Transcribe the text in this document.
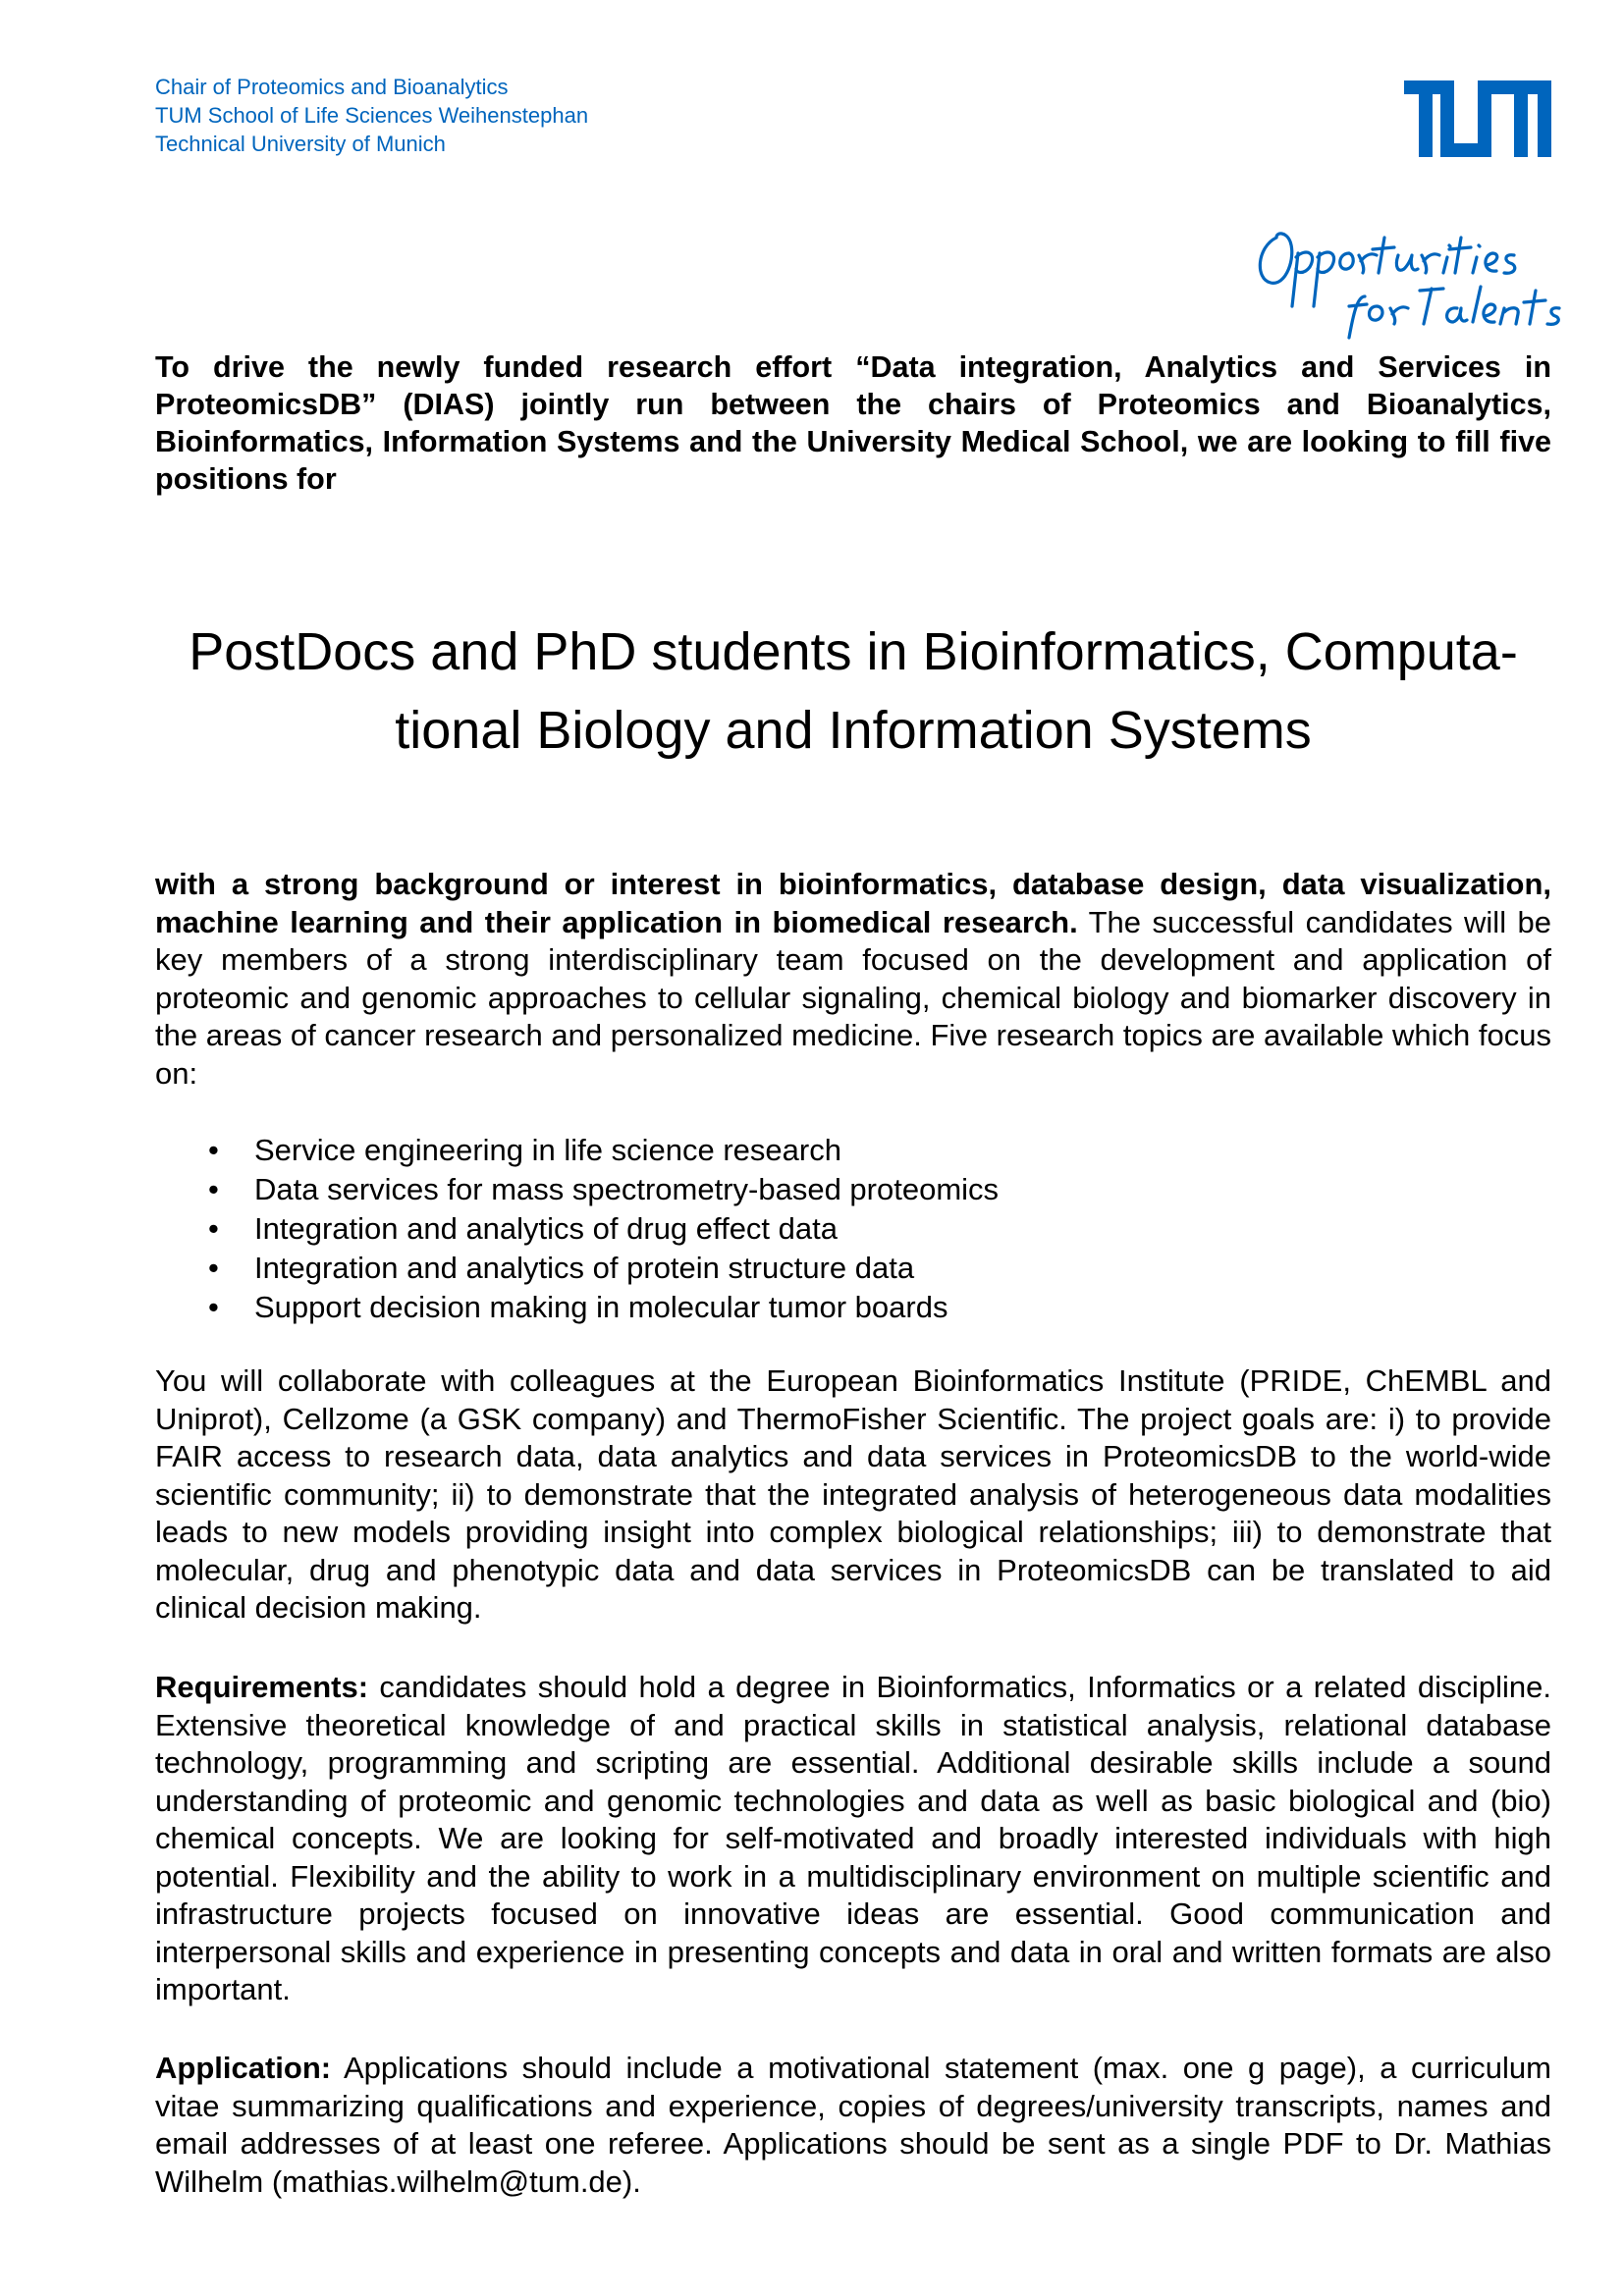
Chair of Proteomics and Bioanalytics
TUM School of Life Sciences Weihenstephan
Technical University of Munich

To drive the newly funded research effort “Data integration, Analytics and Services in ProteomicsDB” (DIAS) jointly run between the chairs of Proteomics and Bioanalytics, Bioinformatics, Information Systems and the University Medical School, we are looking to fill five positions for

PostDocs and PhD students in Bioinformatics, Computa-
tional Biology and Information Systems

with a strong background or interest in bioinformatics, database design, data visualization, machine learning and their application in biomedical research. The successful candidates will be key members of a strong interdisciplinary team focused on the development and application of proteomic and genomic approaches to cellular signaling, chemical biology and biomarker discovery in the areas of cancer research and personalized medicine. Five research topics are available which focus on:

• Service engineering in life science research
• Data services for mass spectrometry-based proteomics
• Integration and analytics of drug effect data
• Integration and analytics of protein structure data
• Support decision making in molecular tumor boards

You will collaborate with colleagues at the European Bioinformatics Institute (PRIDE, ChEMBL and Uniprot), Cellzome (a GSK company) and ThermoFisher Scientific. The project goals are: i) to provide FAIR access to research data, data analytics and data services in ProteomicsDB to the world-wide scientific community; ii) to demonstrate that the integrated analysis of heterogeneous data modalities leads to new models providing insight into complex biological relationships; iii) to demonstrate that molecular, drug and phenotypic data and data services in ProteomicsDB can be translated to aid clinical decision making.

Requirements: candidates should hold a degree in Bioinformatics, Informatics or a related discipline. Extensive theoretical knowledge of and practical skills in statistical analysis, relational database technology, programming and scripting are essential. Additional desirable skills include a sound understanding of proteomic and genomic technologies and data as well as basic biological and (bio) chemical concepts. We are looking for self-motivated and broadly interested individuals with high potential. Flexibility and the ability to work in a multidisciplinary environment on multiple scientific and infrastructure projects focused on innovative ideas are essential. Good communication and interpersonal skills and experience in presenting concepts and data in oral and written formats are also important.

Application: Applications should include a motivational statement (max. one g page), a curriculum vitae summarizing qualifications and experience, copies of degrees/university transcripts, names and email addresses of at least one referee. Applications should be sent as a single PDF to Dr. Mathias Wilhelm (mathias.wilhelm@tum.de).
